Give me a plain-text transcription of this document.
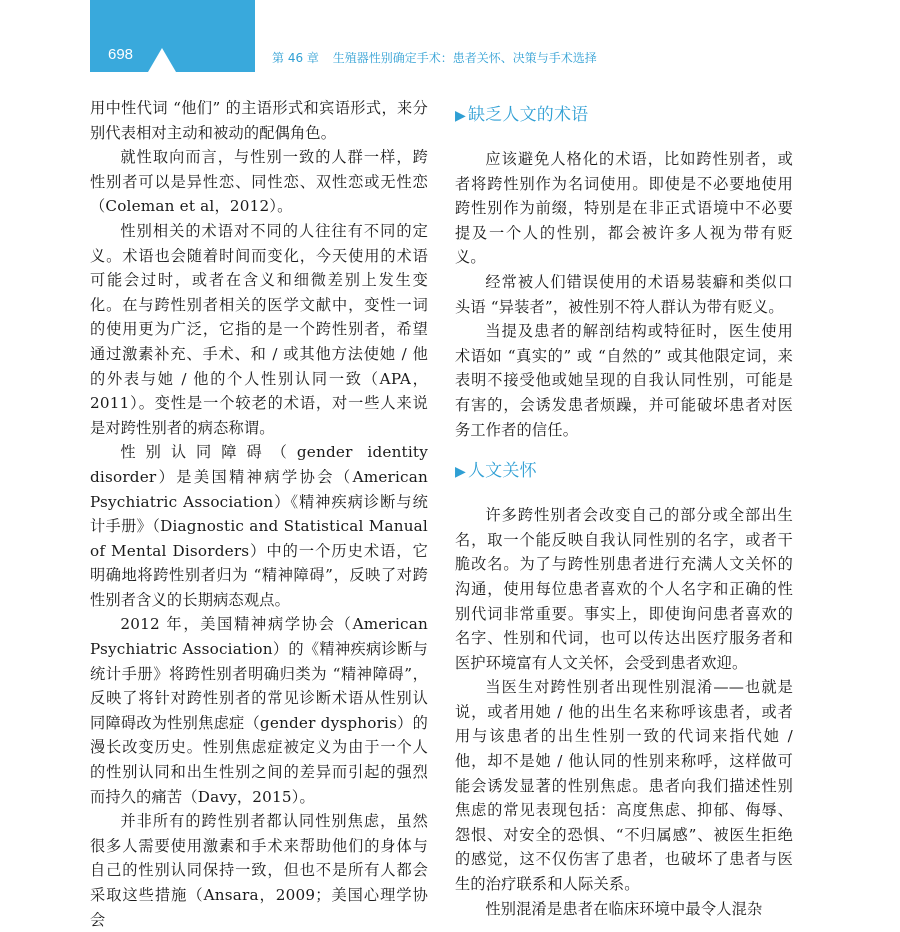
698	第 46 章 生殖器性别确定手术：患者关怀、决策与手术选择

用中性代词 “他们” 的主语形式和宾语形式，来分别代表相对主动和被动的配偶角色。

就性取向而言，与性别一致的人群一样，跨性别者可以是异性恋、同性恋、双性恋或无性恋（Coleman et al，2012）。

性别相关的术语对不同的人往往有不同的定义。术语也会随着时间而变化，今天使用的术语可能会过时，或者在含义和细微差别上发生变化。在与跨性别者相关的医学文献中，变性一词的使用更为广泛，它指的是一个跨性别者，希望通过激素补充、手术、和 / 或其他方法使她 / 他的外表与她 / 他的个人性别认同一致（APA，2011）。变性是一个较老的术语，对一些人来说是对跨性别者的病态称谓。

性别认同障碍（gender identity disorder）是美国精神病学协会（American Psychiatric Association）《精神疾病诊断与统计手册》（Diagnostic and Statistical Manual of Mental Disorders）中的一个历史术语，它明确地将跨性别者归为 “精神障碍”，反映了对跨性别者含义的长期病态观点。

2012 年，美国精神病学协会（American Psychiatric Association）的《精神疾病诊断与统计手册》将跨性别者明确归类为 “精神障碍”，反映了将针对跨性别者的常见诊断术语从性别认同障碍改为性别焦虑症（gender dysphoris）的漫长改变历史。性别焦虑症被定义为由于一个人的性别认同和出生性别之间的差异而引起的强烈而持久的痛苦（Davy，2015）。

并非所有的跨性别者都认同性别焦虑，虽然很多人需要使用激素和手术来帮助他们的身体与自己的性别认同保持一致，但也不是所有人都会采取这些措施（Ansara，2009；美国心理学协会

▶ 缺乏人文的术语

应该避免人格化的术语，比如跨性别者，或者将跨性别作为名词使用。即使是不必要地使用跨性别作为前缀，特别是在非正式语境中不必要提及一个人的性别，都会被许多人视为带有贬义。

经常被人们错误使用的术语易装癖和类似口头语 “异装者”，被性别不符人群认为带有贬义。

当提及患者的解剖结构或特征时，医生使用术语如 “真实的” 或 “自然的” 或其他限定词，来表明不接受他或她呈现的自我认同性别，可能是有害的，会诱发患者烦躁，并可能破坏患者对医务工作者的信任。

▶ 人文关怀

许多跨性别者会改变自己的部分或全部出生名，取一个能反映自我认同性别的名字，或者干脆改名。为了与跨性别患者进行充满人文关怀的沟通，使用每位患者喜欢的个人名字和正确的性别代词非常重要。事实上，即使询问患者喜欢的名字、性别和代词，也可以传达出医疗服务者和医护环境富有人文关怀，会受到患者欢迎。

当医生对跨性别者出现性别混淆——也就是说，或者用她 / 他的出生名来称呼该患者，或者用与该患者的出生性别一致的代词来指代她 / 他，却不是她 / 他认同的性别来称呼，这样做可能会诱发显著的性别焦虑。患者向我们描述性别焦虑的常见表现包括：高度焦虑、抑郁、侮辱、怨恨、对安全的恐惧、“不归属感”、被医生拒绝的感觉，这不仅伤害了患者，也破坏了患者与医生的治疗联系和人际关系。

性别混淆是患者在临床环境中最令人混杂
